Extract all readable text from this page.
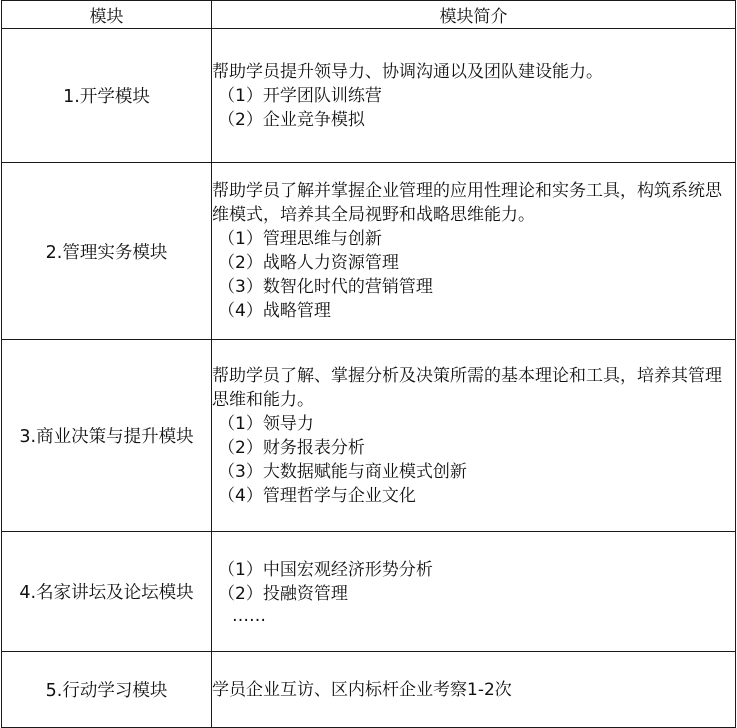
模块	模块简介
1.开学模块	帮助学员提升领导力、协调沟通以及团队建设能力。
（1）开学团队训练营
（2）企业竞争模拟

2.管理实务模块	帮助学员了解并掌握企业管理的应用性理论和实务工具，构筑系统思维模式，培养其全局视野和战略思维能力。
（1）管理思维与创新
（2）战略人力资源管理
（3）数智化时代的营销管理
（4）战略管理

3.商业决策与提升模块	帮助学员了解、掌握分析及决策所需的基本理论和工具，培养其管理思维和能力。
（1）领导力
（2）财务报表分析
（3）大数据赋能与商业模式创新
（4）管理哲学与企业文化

4.名家讲坛及论坛模块	（1）中国宏观经济形势分析
（2）投融资管理
……

5.行动学习模块	学员企业互访、区内标杆企业考察1-2次
